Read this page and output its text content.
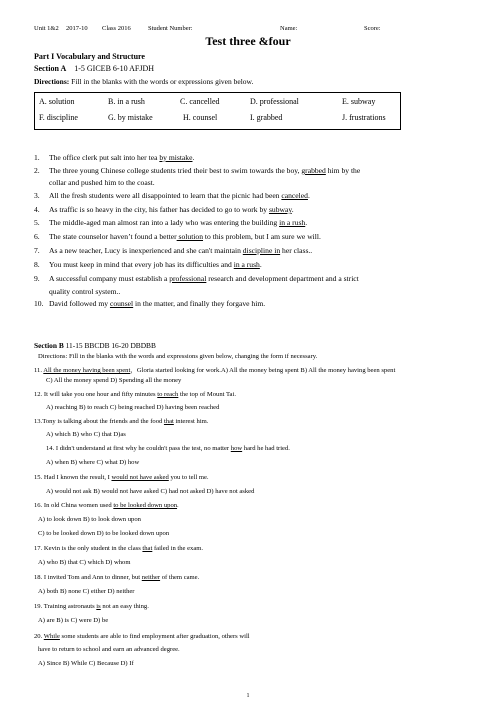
Unit 1&2 2017-10 Class 2016	Student Number:	Name:	Score:
Test three &four
Part I Vocabulary and Structure
Section A 1-5 GICEB 6-10 AFJDH
Directions: Fill in the blanks with the words or expressions given below.
A. solution	B. in a rush	C. cancelled	D. professional	E. subway
F. discipline	G. by mistake	H. counsel	I. grabbed	J. frustrations
1. The office clerk put salt into her tea by mistake.
2. The three young Chinese college students tried their best to swim towards the boy, grabbed him by the
collar and pushed him to the coast.
3. All the fresh students were all disappointed to learn that the picnic had been canceled.
4. As traffic is so heavy in the city, his father has decided to go to work by subway.
5. The middle-aged man almost ran into a lady who was entering the building in a rush.
6. The state counselor haven’t found a better solution to this problem, but I am sure we will.
7. As a new teacher, Lucy is inexperienced and she can't maintain discipline in her class..
8. You must keep in mind that every job has its difficulties and in a rush.
9. A successful company must establish a professional research and development department and a strict
quality control system..
10. David followed my counsel in the matter, and finally they forgave him.
Section B 11-15 BBCDB 16-20 DBDBB
Directions: Fill in the blanks with the words and expressions given below, changing the form if necessary.
11. All the money having been spent，Gloria started looking for work.A) All the money being spent B) All the money having been spent
C) All the money spend D) Spending all the money
12. It will take you one hour and fifty minutes to reach the top of Mount Tai.
A) reaching B) to reach C) being reached D) having been reached
13.Tony is talking about the friends and the food that interest him.
A) which B) who C) that D)as
14. I didn't understand at first why he couldn't pass the test, no matter how hard he had tried.
A) when B) where C) what D) how
15. Had I known the result, I would not have asked you to tell me.
A) would not ask B) would not have asked C) had not asked D) have not asked
16. In old China women used to be looked down upon.
A) to look down B) to look down upon
C) to be looked down D) to be looked down upon
17. Kevin is the only student in the class that failed in the exam.
A) who B) that C) which D) whom
18. I invited Tom and Ann to dinner, but neither of them came.
A) both B) none C) either D) neither
19. Training astronauts is not an easy thing.
A) are B) is C) were D) be
20. While some students are able to find employment after graduation, others will
have to return to school and earn an advanced degree.
A) Since B) While C) Because D) If
1
